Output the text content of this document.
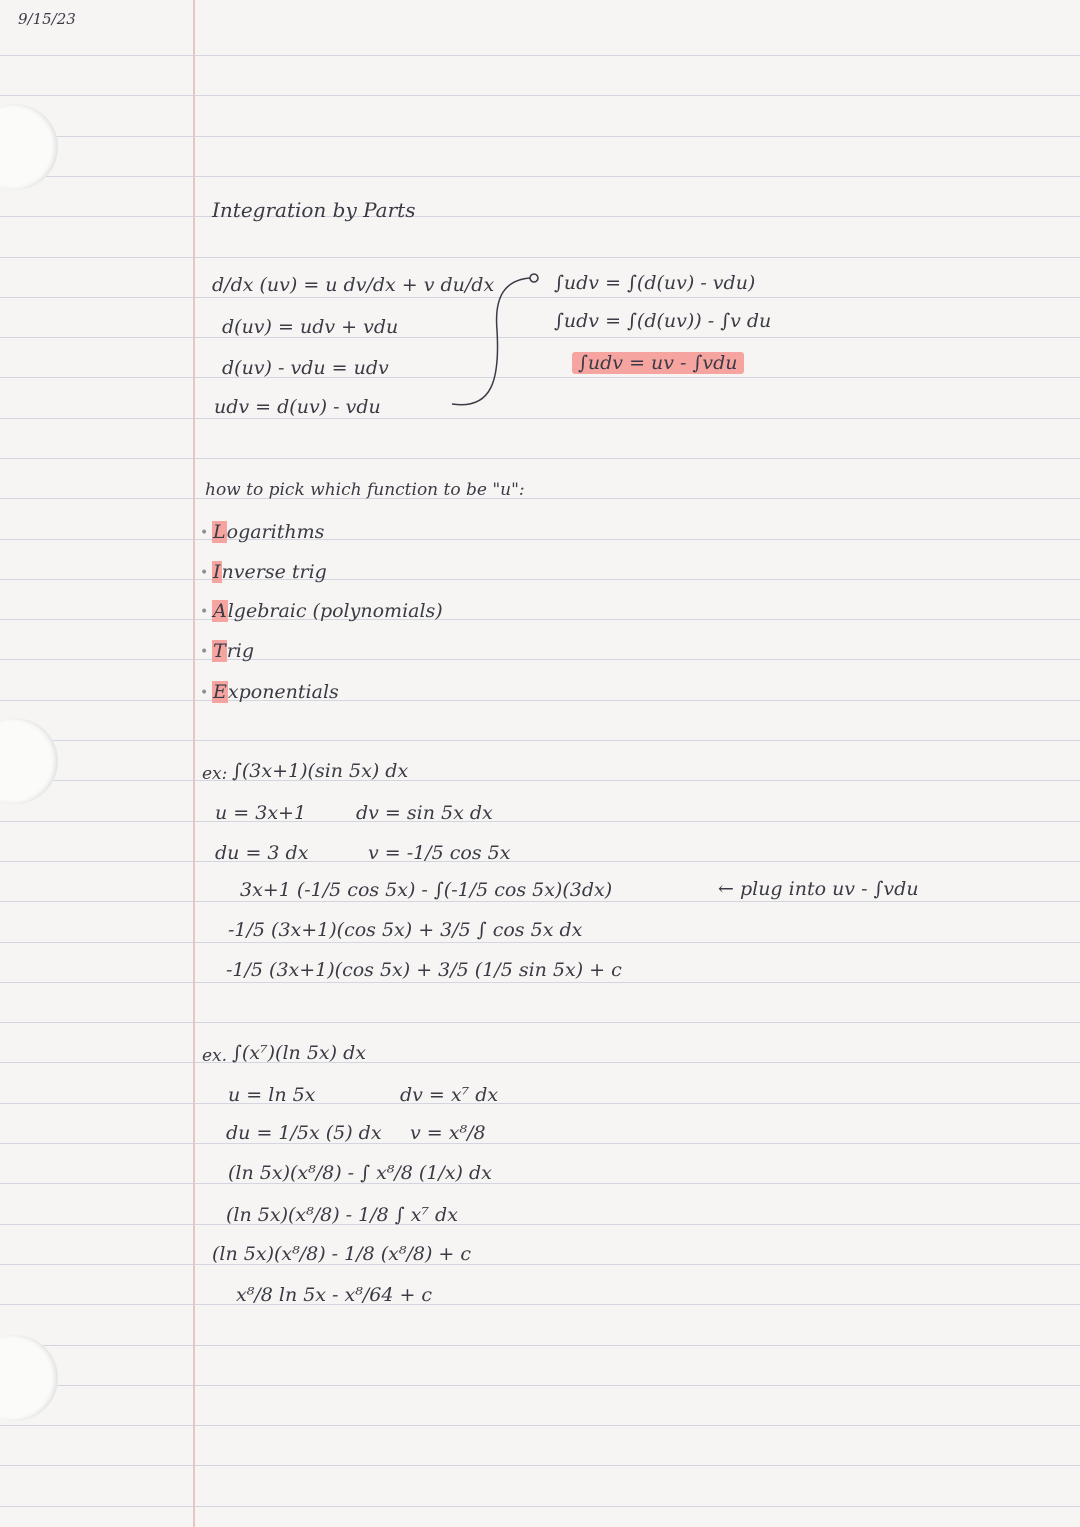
9/15/23
Integration by Parts
d/dx (uv) = u dv/dx + v du/dx
d(uv) = udv + vdu
d(uv) - vdu = udv
udv = d(uv) - vdu
∫udv = ∫(d(uv) - vdu)
∫udv = ∫(d(uv)) - ∫v du
∫udv = uv - ∫vdu
how to pick which function to be "u":
• Logarithms
• Inverse trig
• Algebraic (polynomials)
• Trig
• Exponentials
ex: ∫(3x+1)(sin 5x) dx
u = 3x+1	dv = sin 5x dx
du = 3 dx	v = -1/5 cos 5x
3x+1 (-1/5 cos 5x) - ∫(-1/5 cos 5x)(3dx)
-1/5 (3x+1)(cos 5x) + 3/5 ∫ cos 5x dx
-1/5 (3x+1)(cos 5x) + 3/5 (1/5 sin 5x) + c
← plug into uv - ∫vdu
ex. ∫(x⁷)(ln 5x) dx
u = ln 5x	dv = x⁷ dx
du = 1/5x (5) dx v = x⁸/8
(ln 5x)(x⁸/8) - ∫ x⁸/8 (1/x) dx
(ln 5x)(x⁸/8) - 1/8 ∫ x⁷ dx
(ln 5x)(x⁸/8) - 1/8 (x⁸/8) + c
x⁸/8 ln 5x - x⁸/64 + c
